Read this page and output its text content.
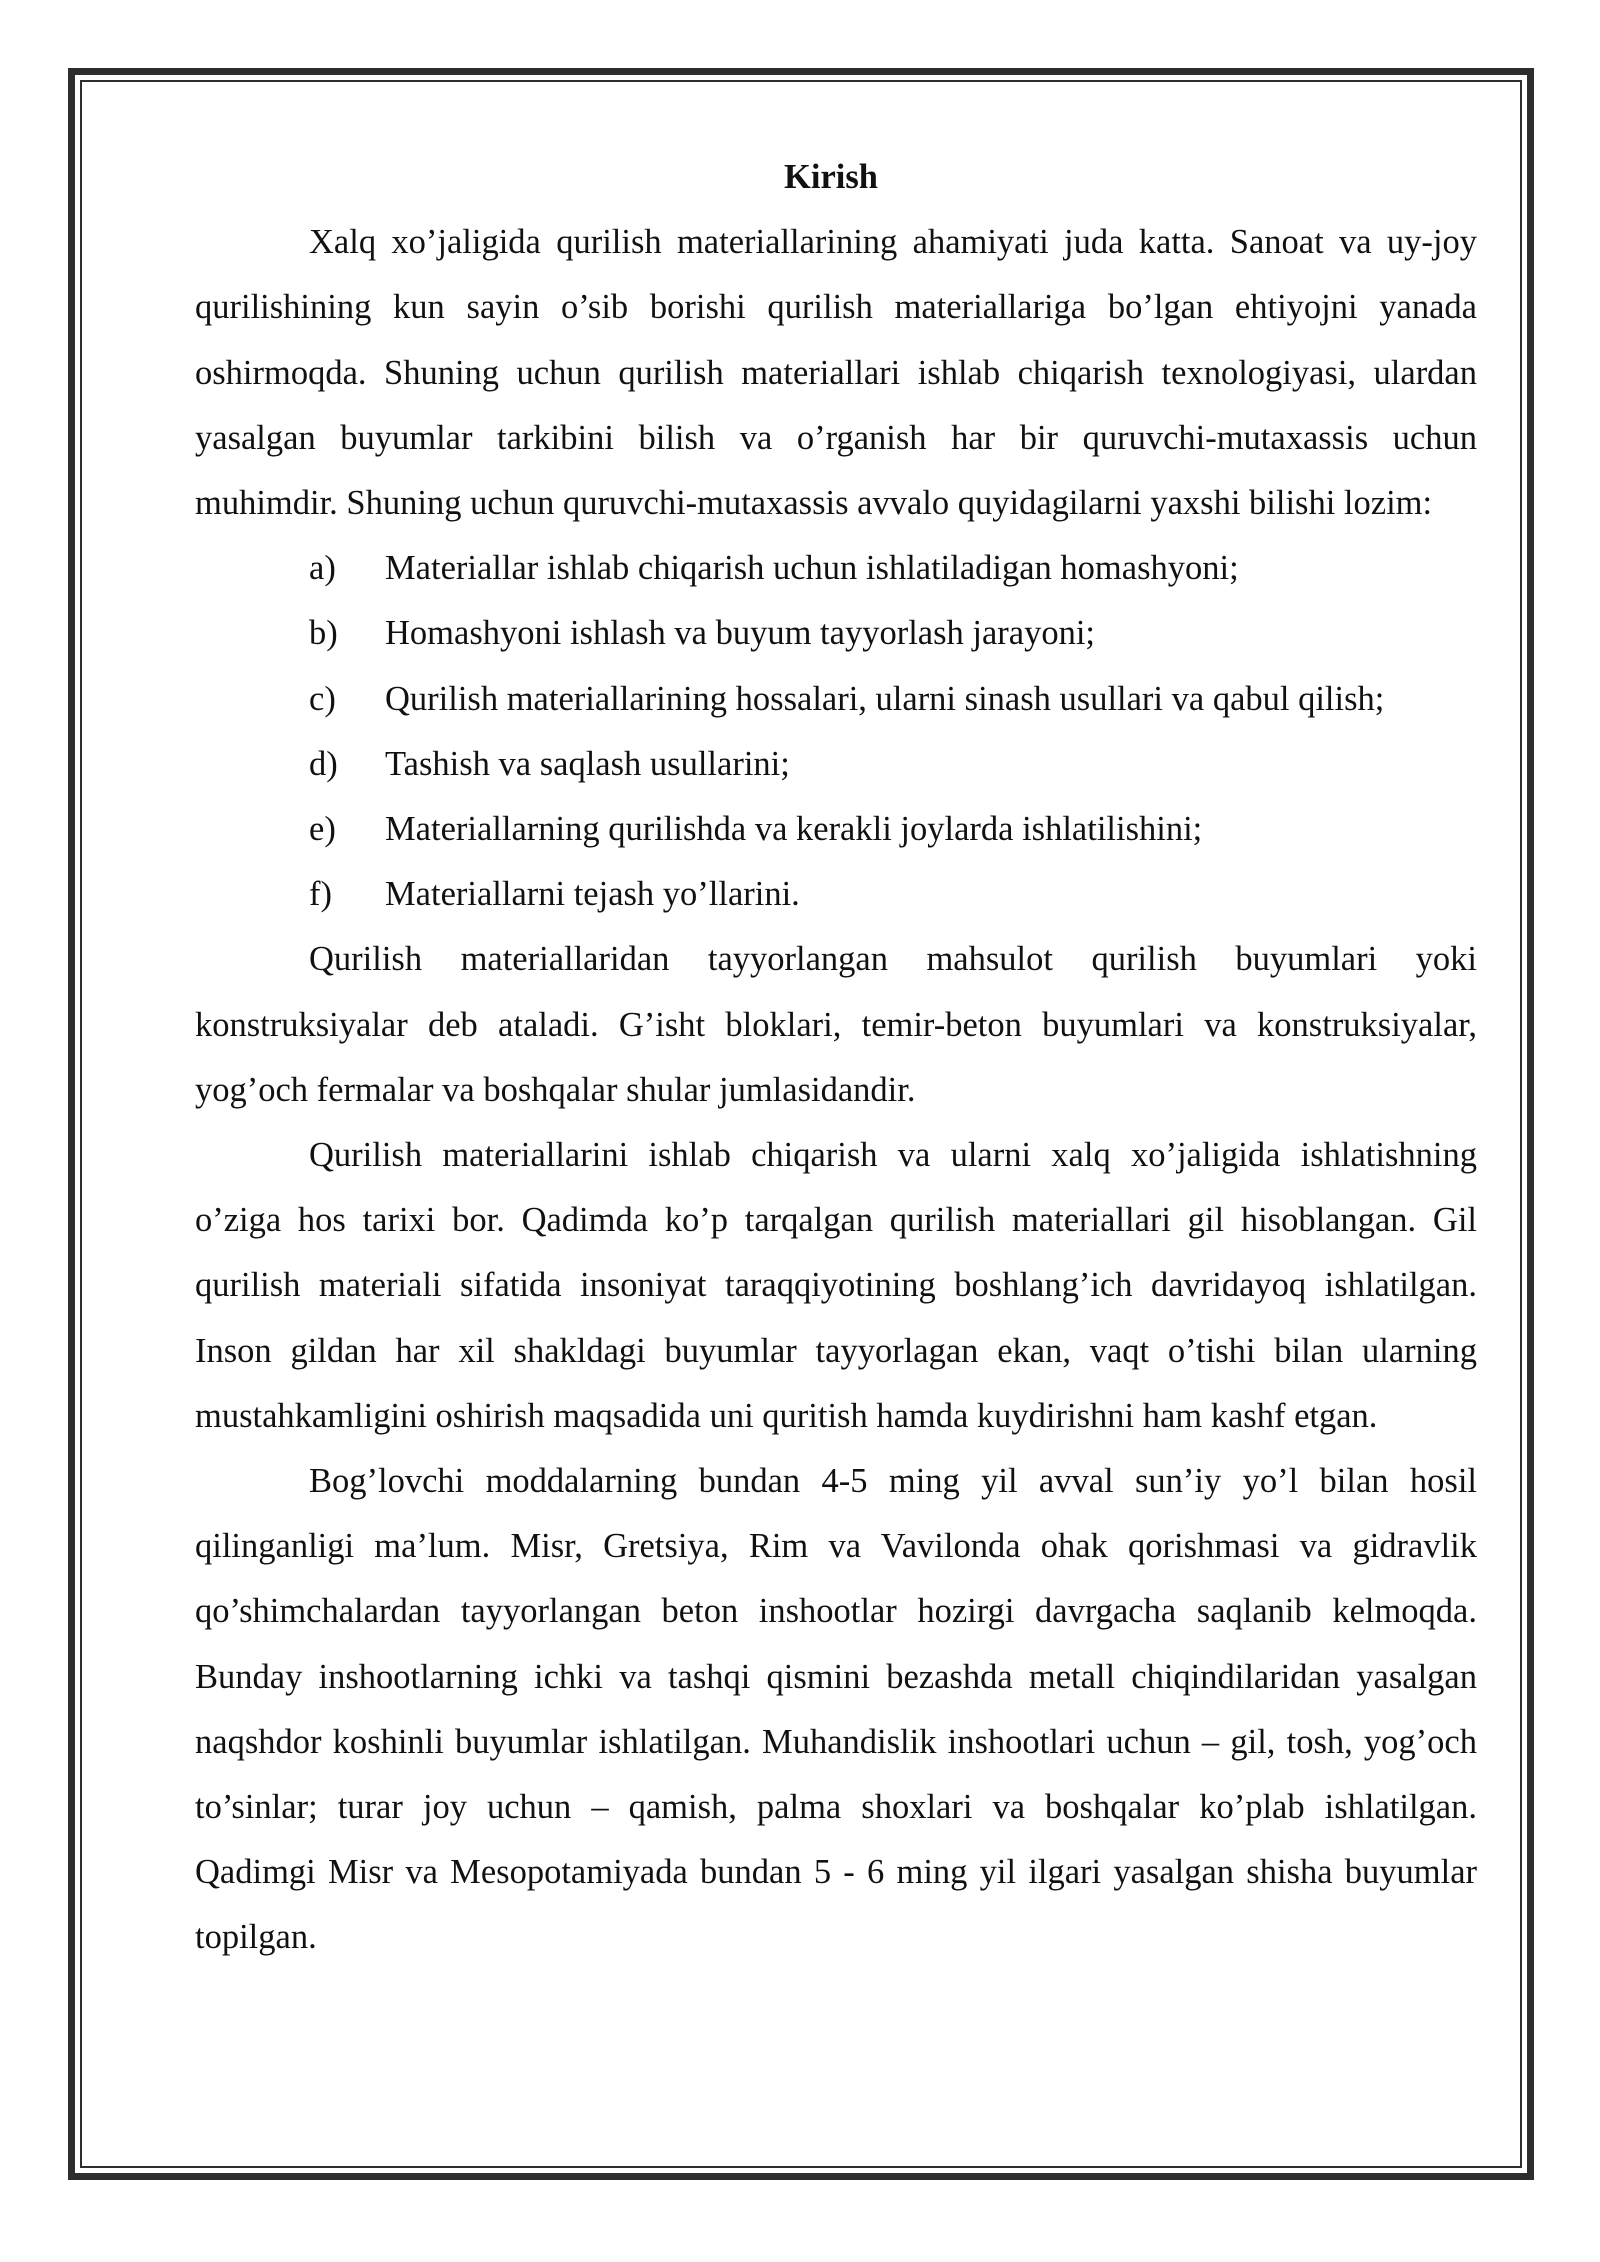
Kirish

Xalq xo’jaligida qurilish materiallarining ahamiyati juda katta. Sanoat va uy-joy qurilishining kun sayin o’sib borishi qurilish materiallariga bo’lgan ehtiyojni yanada oshirmoqda. Shuning uchun qurilish materiallari ishlab chiqarish texnologiyasi, ulardan yasalgan buyumlar tarkibini bilish va o’rganish har bir quruvchi-mutaxassis uchun muhimdir. Shuning uchun quruvchi-mutaxassis avvalo quyidagilarni yaxshi bilishi lozim:

a)	Materiallar ishlab chiqarish uchun ishlatiladigan homashyoni;
b)	Homashyoni ishlash va buyum tayyorlash jarayoni;
c)	Qurilish materiallarining hossalari, ularni sinash usullari va qabul qilish;
d)	Tashish va saqlash usullarini;
e)	Materiallarning qurilishda va kerakli joylarda ishlatilishini;
f)	Materiallarni tejash yo’llarini.

Qurilish materiallaridan tayyorlangan mahsulot qurilish buyumlari yoki konstruksiyalar deb ataladi. G’isht bloklari, temir-beton buyumlari va konstruksiyalar, yog’och fermalar va boshqalar shular jumlasidandir.

Qurilish materiallarini ishlab chiqarish va ularni xalq xo’jaligida ishlatishning o’ziga hos tarixi bor. Qadimda ko’p tarqalgan qurilish materiallari gil hisoblangan. Gil qurilish materiali sifatida insoniyat taraqqiyotining boshlang’ich davridayoq ishlatilgan. Inson gildan har xil shakldagi buyumlar tayyorlagan ekan, vaqt o’tishi bilan ularning mustahkamligini oshirish maqsadida uni quritish hamda kuydirishni ham kashf etgan.

Bog’lovchi moddalarning bundan 4-5 ming yil avval sun’iy yo’l bilan hosil qilinganligi ma’lum. Misr, Gretsiya, Rim va Vavilonda ohak qorishmasi va gidravlik qo’shimchalardan tayyorlangan beton inshootlar hozirgi davrgacha saqlanib kelmoqda. Bunday inshootlarning ichki va tashqi qismini bezashda metall chiqindilaridan yasalgan naqshdor koshinli buyumlar ishlatilgan. Muhandislik inshootlari uchun – gil, tosh, yog’och to’sinlar; turar joy uchun – qamish, palma shoxlari va boshqalar ko’plab ishlatilgan. Qadimgi Misr va Mesopotamiyada bundan 5 - 6 ming yil ilgari yasalgan shisha buyumlar topilgan.
